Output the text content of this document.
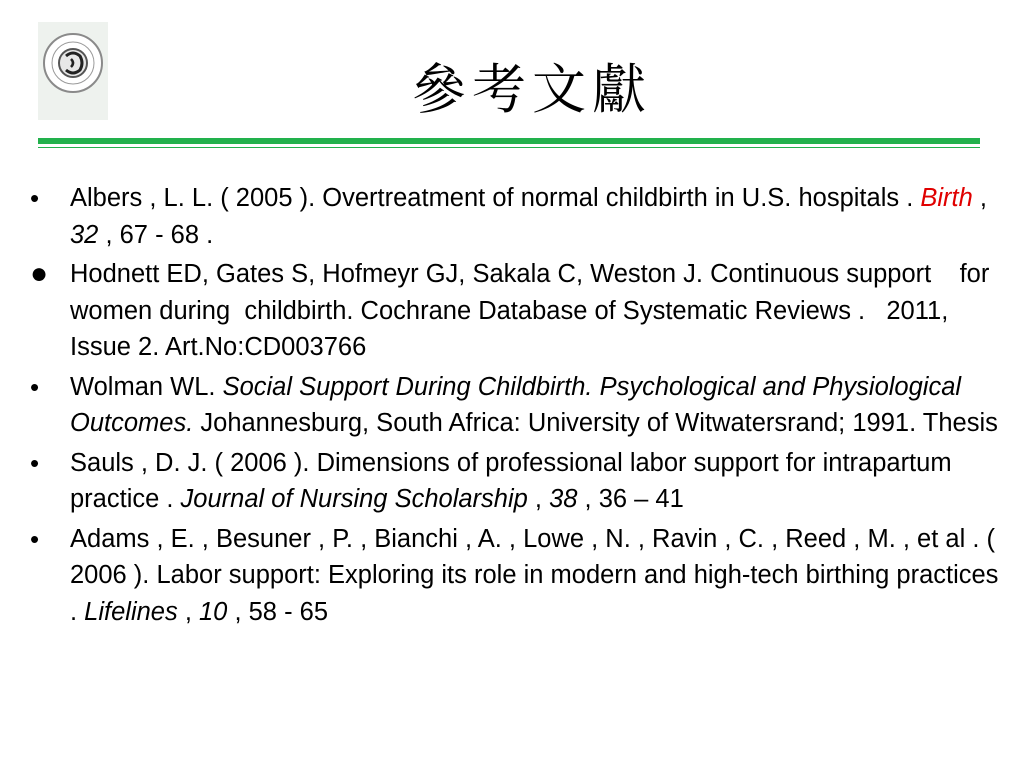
參考文獻
•	Albers , L. L. ( 2005 ). Overtreatment of normal childbirth in U.S. hospitals . Birth , 32 , 67 - 68 .
● Hodnett ED, Gates S, Hofmeyr GJ, Sakala C, Weston J. Continuous support    for women during  childbirth. Cochrane Database of Systematic Reviews .   2011, Issue 2. Art.No:CD003766
•	Wolman WL. Social Support During Childbirth. Psychological and Physiological Outcomes. Johannesburg, South Africa: University of Witwatersrand; 1991. Thesis
•	Sauls , D. J. ( 2006 ). Dimensions of professional labor support for intrapartum practice . Journal of Nursing Scholarship , 38 , 36 – 41
•	Adams , E. , Besuner , P. , Bianchi , A. , Lowe , N. , Ravin , C. , Reed , M. , et al . ( 2006 ). Labor support: Exploring its role in modern and high-tech birthing practices . Lifelines , 10 , 58 - 65
